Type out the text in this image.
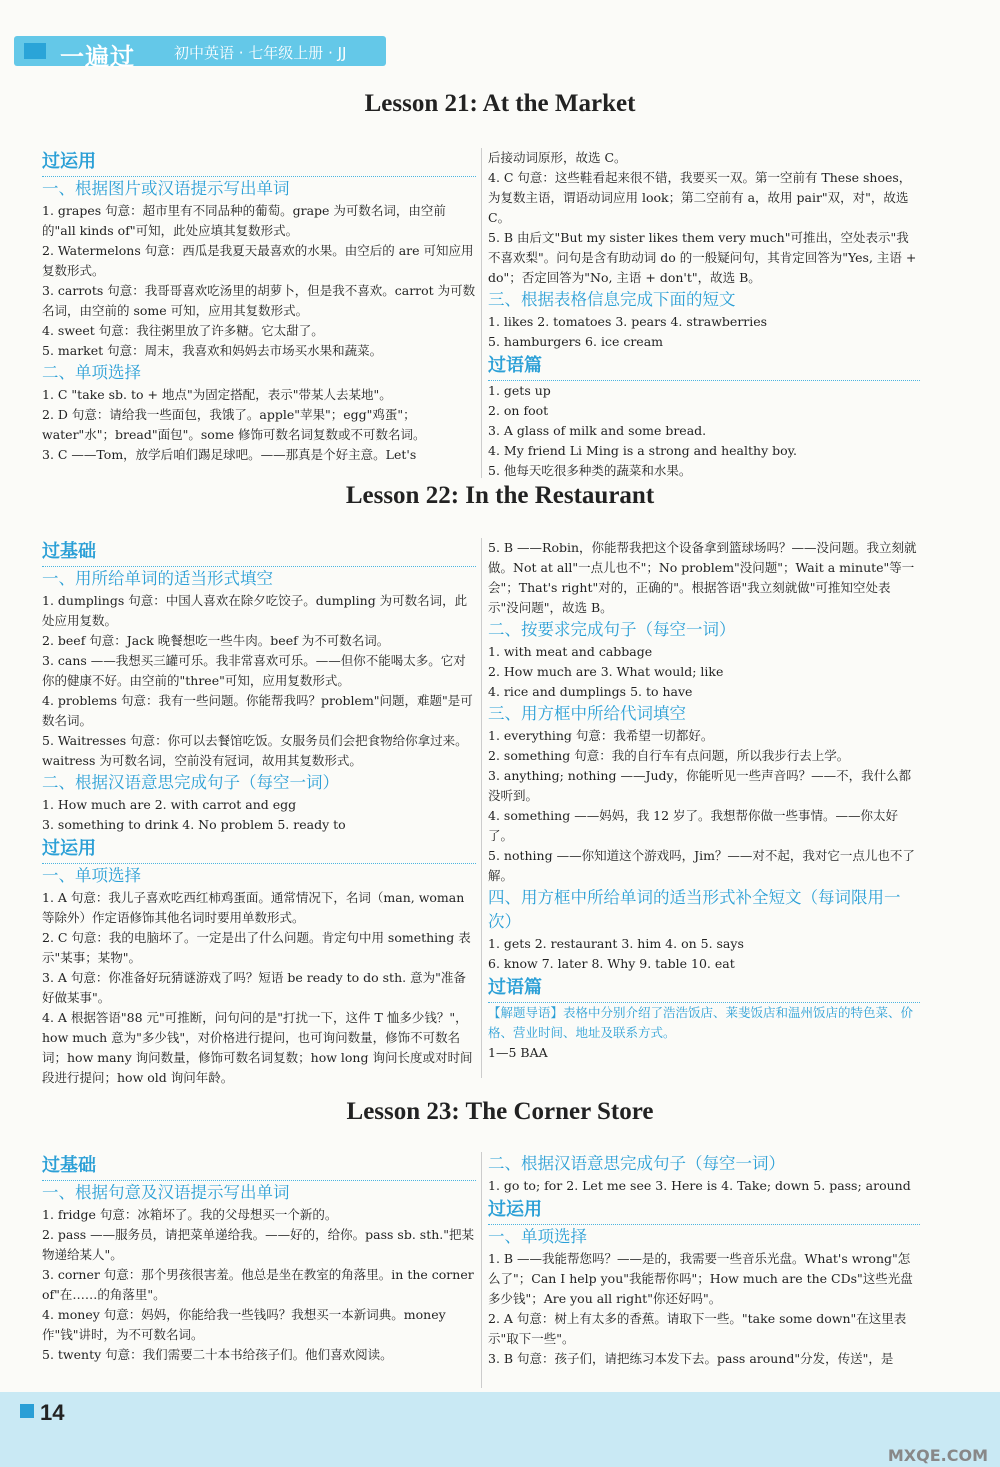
一遍过	初中英语 · 七年级上册 · JJ
Lesson 21: At the Market

过运用

一、根据图片或汉语提示写出单词

1. grapes 句意：超市里有不同品种的葡萄。grape 为可数名词，由空前的"all kinds of"可知，此处应填其复数形式。

2. Watermelons 句意：西瓜是我夏天最喜欢的水果。由空后的 are 可知应用复数形式。

3. carrots 句意：我哥哥喜欢吃汤里的胡萝卜，但是我不喜欢。carrot 为可数名词，由空前的 some 可知，应用其复数形式。

4. sweet 句意：我往粥里放了许多糖。它太甜了。

5. market 句意：周末，我喜欢和妈妈去市场买水果和蔬菜。

二、单项选择

1. C "take sb. to + 地点"为固定搭配，表示"带某人去某地"。

2. D 句意：请给我一些面包，我饿了。apple"苹果"；egg"鸡蛋"；water"水"；bread"面包"。some 修饰可数名词复数或不可数名词。

3. C ——Tom，放学后咱们踢足球吧。——那真是个好主意。Let's

后接动词原形，故选 C。

4. C 句意：这些鞋看起来很不错，我要买一双。第一空前有 These shoes，为复数主语，谓语动词应用 look；第二空前有 a，故用 pair"双，对"，故选 C。

5. B 由后文"But my sister likes them very much"可推出，空处表示"我不喜欢梨"。问句是含有助动词 do 的一般疑问句，其肯定回答为"Yes, 主语 + do"；否定回答为"No, 主语 + don't"，故选 B。

三、根据表格信息完成下面的短文

1. likes 2. tomatoes 3. pears 4. strawberries

5. hamburgers 6. ice cream

过语篇

1. gets up

2. on foot

3. A glass of milk and some bread.

4. My friend Li Ming is a strong and healthy boy.

5. 他每天吃很多种类的蔬菜和水果。

Lesson 22: In the Restaurant

过基础

一、用所给单词的适当形式填空

1. dumplings 句意：中国人喜欢在除夕吃饺子。dumpling 为可数名词，此处应用复数。

2. beef 句意：Jack 晚餐想吃一些牛肉。beef 为不可数名词。

3. cans ——我想买三罐可乐。我非常喜欢可乐。——但你不能喝太多。它对你的健康不好。由空前的"three"可知，应用复数形式。

4. problems 句意：我有一些问题。你能帮我吗？problem"问题，难题"是可数名词。

5. Waitresses 句意：你可以去餐馆吃饭。女服务员们会把食物给你拿过来。waitress 为可数名词，空前没有冠词，故用其复数形式。

二、根据汉语意思完成句子（每空一词）

1. How much are 2. with carrot and egg

3. something to drink 4. No problem 5. ready to

过运用

一、单项选择

1. A 句意：我儿子喜欢吃西红柿鸡蛋面。通常情况下，名词（man, woman 等除外）作定语修饰其他名词时要用单数形式。

2. C 句意：我的电脑坏了。一定是出了什么问题。肯定句中用 something 表示"某事；某物"。

3. A 句意：你准备好玩猜谜游戏了吗？短语 be ready to do sth. 意为"准备好做某事"。

4. A 根据答语"88 元"可推断，问句问的是"打扰一下，这件 T 恤多少钱？"，how much 意为"多少钱"，对价格进行提问，也可询问数量，修饰不可数名词；how many 询问数量，修饰可数名词复数；how long 询问长度或对时间段进行提问；how old 询问年龄。

5. B ——Robin，你能帮我把这个设备拿到篮球场吗？——没问题。我立刻就做。Not at all"一点儿也不"；No problem"没问题"；Wait a minute"等一会"；That's right"对的，正确的"。根据答语"我立刻就做"可推知空处表示"没问题"，故选 B。

二、按要求完成句子（每空一词）

1. with meat and cabbage

2. How much are 3. What would; like

4. rice and dumplings 5. to have

三、用方框中所给代词填空

1. everything 句意：我希望一切都好。

2. something 句意：我的自行车有点问题，所以我步行去上学。

3. anything; nothing ——Judy，你能听见一些声音吗？——不，我什么都没听到。

4. something ——妈妈，我 12 岁了。我想帮你做一些事情。——你太好了。

5. nothing ——你知道这个游戏吗，Jim？——对不起，我对它一点儿也不了解。

四、用方框中所给单词的适当形式补全短文（每词限用一次）

1. gets 2. restaurant 3. him 4. on 5. says

6. know 7. later 8. Why 9. table 10. eat

过语篇

【解题导语】表格中分别介绍了浩浩饭店、莱斐饭店和温州饭店的特色菜、价格、营业时间、地址及联系方式。

1—5 BAA

Lesson 23: The Corner Store

过基础

一、根据句意及汉语提示写出单词

1. fridge 句意：冰箱坏了。我的父母想买一个新的。

2. pass ——服务员，请把菜单递给我。——好的，给你。pass sb. sth."把某物递给某人"。

3. corner 句意：那个男孩很害羞。他总是坐在教室的角落里。in the corner of"在……的角落里"。

4. money 句意：妈妈，你能给我一些钱吗？我想买一本新词典。money 作"钱"讲时，为不可数名词。

5. twenty 句意：我们需要二十本书给孩子们。他们喜欢阅读。

二、根据汉语意思完成句子（每空一词）

1. go to; for 2. Let me see 3. Here is 4. Take; down 5. pass; around

过运用

一、单项选择

1. B ——我能帮您吗？——是的，我需要一些音乐光盘。What's wrong"怎么了"；Can I help you"我能帮你吗"；How much are the CDs"这些光盘多少钱"；Are you all right"你还好吗"。

2. A 句意：树上有太多的香蕉。请取下一些。"take some down"在这里表示"取下一些"。

3. B 句意：孩子们，请把练习本发下去。pass around"分发，传送"，是

14
MXQE.COM
